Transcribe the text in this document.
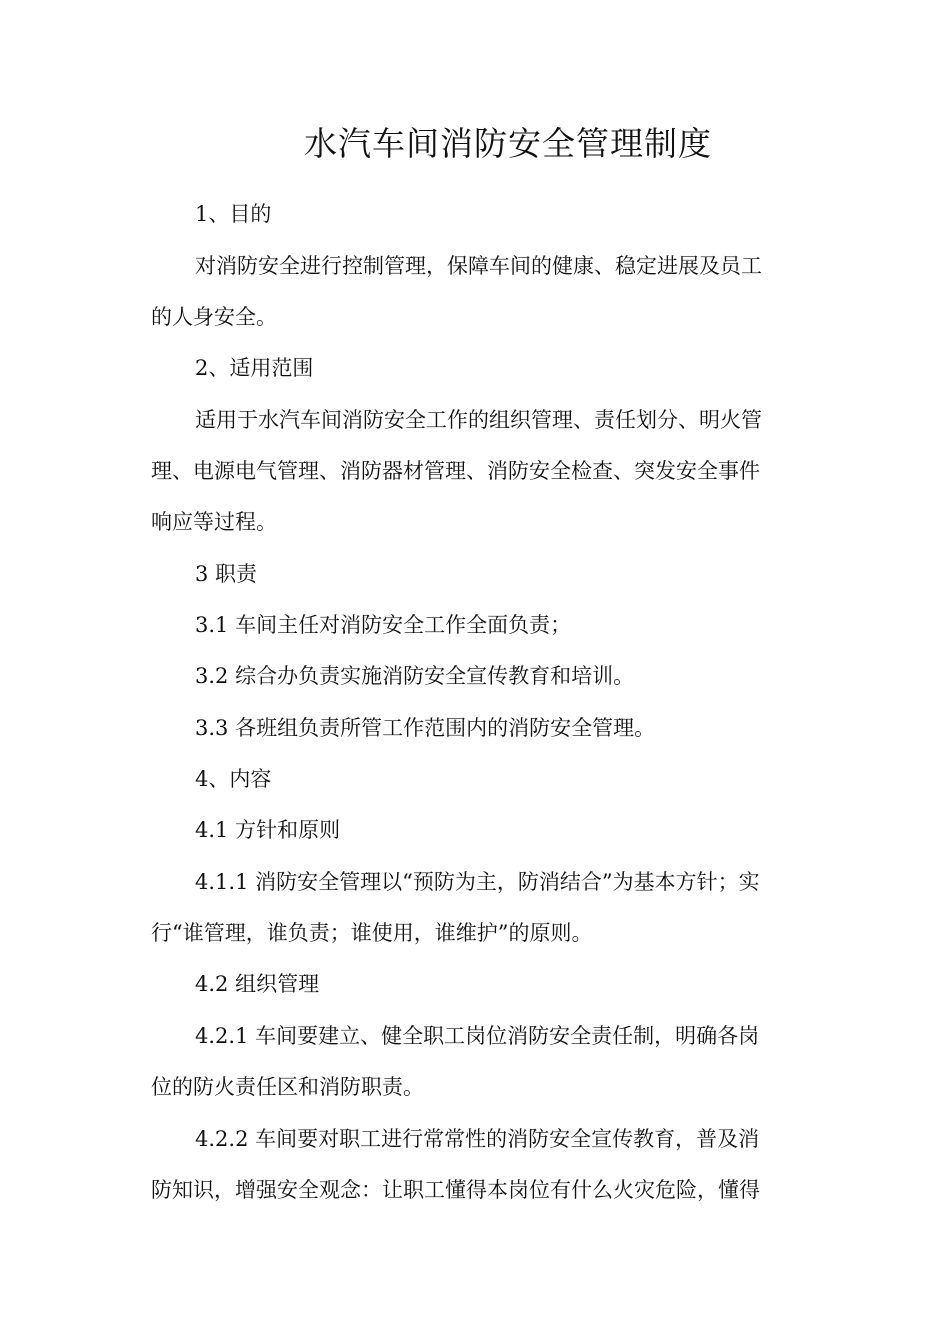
水汽车间消防安全管理制度

1、目的

对消防安全进行控制管理，保障车间的健康、稳定进展及员工

的人身安全。

2、适用范围

适用于水汽车间消防安全工作的组织管理、责任划分、明火管

理、电源电气管理、消防器材管理、消防安全检查、突发安全事件

响应等过程。

3 职责

3.1 车间主任对消防安全工作全面负责；

3.2 综合办负责实施消防安全宣传教育和培训。

3.3 各班组负责所管工作范围内的消防安全管理。

4、内容

4.1 方针和原则

4.1.1 消防安全管理以“预防为主，防消结合”为基本方针；实

行“谁管理，谁负责；谁使用，谁维护”的原则。

4.2 组织管理

4.2.1 车间要建立、健全职工岗位消防安全责任制，明确各岗

位的防火责任区和消防职责。

4.2.2 车间要对职工进行常常性的消防安全宣传教育，普及消

防知识，增强安全观念：让职工懂得本岗位有什么火灾危险，懂得
